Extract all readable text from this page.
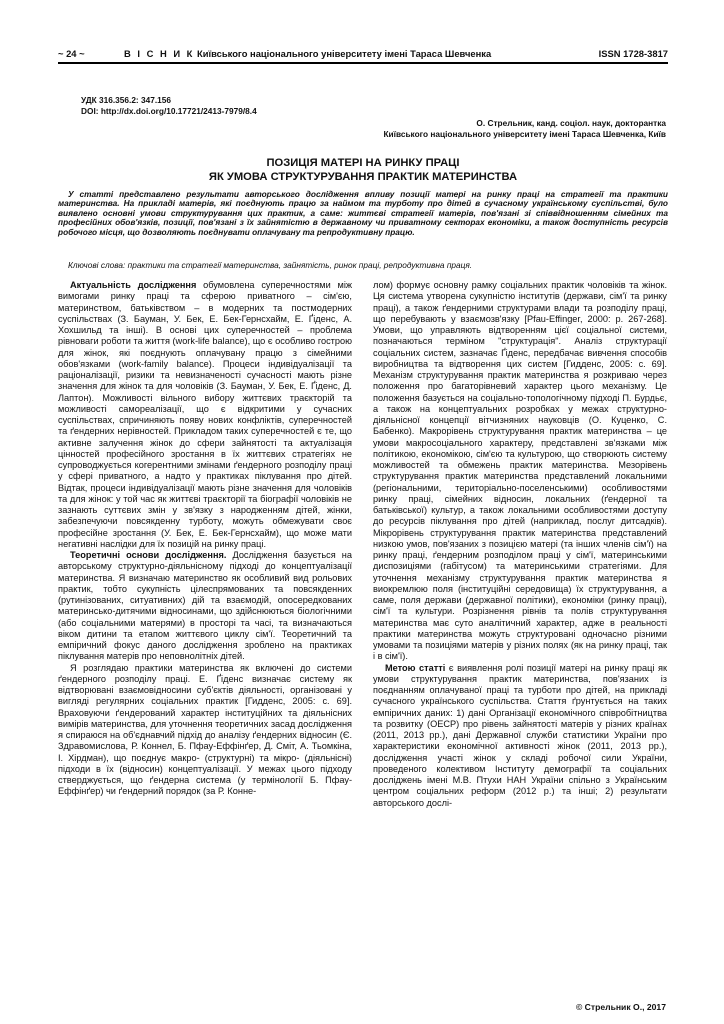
~ 24 ~	В І С Н И К Київського національного університету імені Тараса Шевченка	ISSN 1728-3817
УДК 316.356.2: 347.156
DOI: http://dx.doi.org/10.17721/2413-7979/8.4
О. Стрельник, канд. соціол. наук, докторантка
Київського національного університету імені Тараса Шевченка, Київ
ПОЗИЦІЯ МАТЕРІ НА РИНКУ ПРАЦІ
ЯК УМОВА СТРУКТУРУВАННЯ ПРАКТИК МАТЕРИНСТВА
У статті представлено результати авторського дослідження впливу позиції матері на ринку праці на стратегії та практики материнства. На прикладі матерів, які поєднують працю за наймом та турботу про дітей в сучасному українському суспільстві, було виявлено основні умови структурування цих практик, а саме: життєві стратегії матерів, пов'язані зі співвідношенням сімейних та професійних обов'язків, позиції, пов'язані з їх зайнятістю в державному чи приватному секторах економіки, а також доступність ресурсів робочого місця, що дозволяють поєднувати оплачувану та репродуктивну працю.
Ключові слова: практики та стратегії материнства, зайнятість, ринок праці, репродуктивна праця.

Актуальність дослідження обумовлена суперечностями між вимогами ринку праці та сферою приватного – сім'єю, материнством, батьківством – в модерних та постмодерних суспільствах (З. Бауман, У. Бек, Е. Бек-Гернсхайм, Е. Ґіденс, А. Хохшильд та інші). В основі цих суперечностей – проблема рівноваги роботи та життя (work-life balance), що є особливо гострою для жінок, які поєднують оплачувану працю з сімейними обов'язками (work-family balance). Процеси індивідуалізації та раціоналізації, ризики та невизначеності сучасності мають різне значення для жінок та для чоловіків (З. Бауман, У. Бек, Е. Ґіденс, Д. Лаптон). Можливості вільного вибору життєвих траєкторій та можливості самореалізації, що є відкритими у сучасних суспільствах, спричиняють появу нових конфліктів, суперечностей та ґендерних нерівностей. Прикладом таких суперечностей є те, що активне залучення жінок до сфери зайнятості та актуалізація цінностей професійного зростання в їх життєвих стратегіях не супроводжується когерентними змінами ґендерного розподілу праці у сфері приватного, а надто у практиках піклування про дітей. Відтак, процеси індивідуалізації мають різне значення для чоловіків та для жінок: у той час як життєві траєкторії та біографії чоловіків не зазнають суттєвих змін у зв'язку з народженням дітей, жінки, забезпечуючи повсякденну турботу, можуть обмежувати своє професійне зростання (У. Бек, Е. Бек-Гернсхайм), що може мати негативні наслідки для їх позицій на ринку праці.

Теоретичні основи дослідження. Дослідження базується на авторському структурно-діяльнісному підході до концептуалізації материнства. Я визначаю материнство як особливий вид рольових практик, тобто сукупність цілеспрямованих та повсякденних (рутинізованих, ситуативних) дій та взаємодій, опосередкованих материнсько-дитячими відносинами, що здійснюються біологічними (або соціальними матерями) в просторі та часі, та визначаються віком дитини та етапом життєвого циклу сім'ї. Теоретичний та емпіричний фокус даного дослідження зроблено на практиках піклування матерів про неповнолітніх дітей.

Я розглядаю практики материнства як включені до системи ґендерного розподілу праці. Е. Ґіденс визначає систему як відтворювані взаємовідносини суб'єктів діяльності, організовані у вигляді регулярних соціальних практик [Гидденс, 2005: с. 69]. Враховуючи ґендерований характер інституційних та діяльнісних вимірів материнства, для уточнення теоретичних засад дослідження я спираюся на об'єднавчий підхід до аналізу ґендерних відносин (Є. Здравомислова, Р. Коннел, Б. Пфау-Еффінґер, Д. Сміт, А. Тьомкіна, І. Хірдман), що поєднує макро- (структурні) та мікро- (діяльнісні) підходи в їх (відносин) концептуалізації. У межах цього підходу стверджується, що ґендерна система (у термінології Б. Пфау-Еффінґер) чи ґендерний порядок (за Р. Конне-

лом) формує основну рамку соціальних практик чоловіків та жінок. Ця система утворена сукупністю інститутів (держави, сім'ї та ринку праці), а також ґендерними структурами влади та розподілу праці, що перебувають у взаємозв'язку [Pfau-Effinger, 2000: p. 267-268]. Умови, що управляють відтворенням цієї соціальної системи, позначаються терміном "структурація". Аналіз структурації соціальних систем, зазначає Ґіденс, передбачає вивчення способів виробництва та відтворення цих систем [Гидденс, 2005: с. 69]. Механізм структурування практик материнства я розкриваю через положення про багаторівневий характер цього механізму. Це положення базується на соціально-топологічному підході П. Бурдьє, а також на концептуальних розробках у межах структурно-діяльнісної концепції вітчизняних науковців (О. Куценко, С. Бабенко). Макрорівень структурування практик материнства – це умови макросоціального характеру, представлені зв'язками між політикою, економікою, сім'єю та культурою, що створюють систему можливостей та обмежень практик материнства. Мезорівень структурування практик материнства представлений локальними (регіональними, територіально-поселенськими) особливостями ринку праці, сімейних відносин, локальних (ґендерної та батьківської) культур, а також локальними особливостями доступу до ресурсів піклування про дітей (наприклад, послуг дитсадків). Мікрорівень структурування практик материнства представлений низкою умов, пов'язаних з позицією матері (та інших членів сім'ї) на ринку праці, ґендерним розподілом праці у сім'ї, материнськими диспозиціями (габітусом) та материнськими стратегіями. Для уточнення механізму структурування практик материнства я виокремлюю поля (інституційні середовища) їх структурування, а саме, поля держави (державної політики), економіки (ринку праці), сім'ї та культури. Розрізнення рівнів та полів структурування материнства має суто аналітичний характер, адже в реальності практики материнства можуть структуровані одночасно різними умовами та позиціями матерів у різних полях (як на ринку праці, так і в сім'ї).

Метою статті є виявлення ролі позиції матері на ринку праці як умови структурування практик материнства, пов'язаних із поєднанням оплачуваної праці та турботи про дітей, на прикладі сучасного українського суспільства. Стаття ґрунтується на таких емпіричних даних: 1) дані Організації економічного співробітництва та розвитку (OECP) про рівень зайнятості матерів у різних країнах (2011, 2013 рр.), дані Державної служби статистики України про характеристики економічної активності жінок (2011, 2013 рр.), дослідження участі жінок у складі робочої сили України, проведеного колективом Інституту демографії та соціальних досліджень імені М.В. Птухи НАН України спільно з Українським центром соціальних реформ (2012 р.) та інші; 2) результати авторського дослі-

© Стрельник О., 2017
